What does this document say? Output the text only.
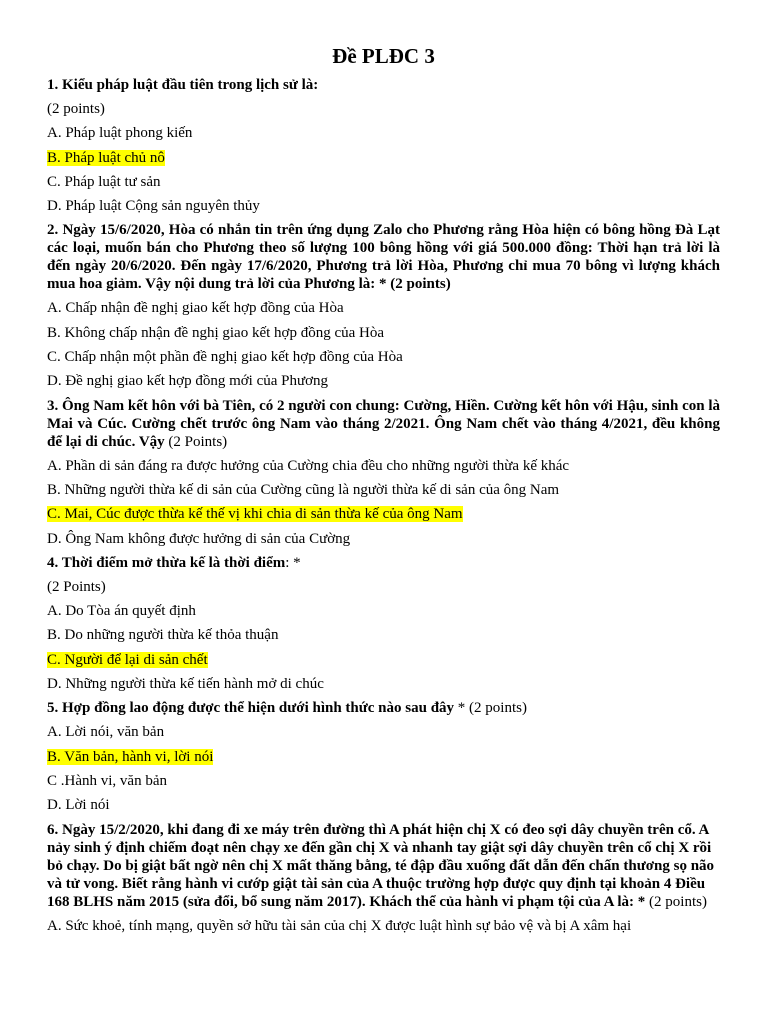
Đề PLĐC 3

1. Kiểu pháp luật đầu tiên trong lịch sử là:

(2 points)

A. Pháp luật phong kiến

B. Pháp luật chủ nô

C. Pháp luật tư sản

D. Pháp luật Cộng sản nguyên thủy

2. Ngày 15/6/2020, Hòa có nhắn tin trên ứng dụng Zalo cho Phương rằng Hòa hiện có bông hồng Đà Lạt các loại, muốn bán cho Phương theo số lượng 100 bông hồng với giá 500.000 đồng: Thời hạn trả lời là đến ngày 20/6/2020. Đến ngày 17/6/2020, Phương trả lời Hòa, Phương chỉ mua 70 bông vì lượng khách mua hoa giảm. Vậy nội dung trả lời của Phương là: * (2 points)

A. Chấp nhận đề nghị giao kết hợp đồng của Hòa

B. Không chấp nhận đề nghị giao kết hợp đồng của Hòa

C. Chấp nhận một phần đề nghị giao kết hợp đồng của Hòa

D. Đề nghị giao kết hợp đồng mới của Phương

3. Ông Nam kết hôn với bà Tiên, có 2 người con chung: Cường, Hiền. Cường kết hôn với Hậu, sinh con là Mai và Cúc. Cường chết trước ông Nam vào tháng 2/2021. Ông Nam chết vào tháng 4/2021, đều không để lại di chúc. Vậy (2 Points)

A. Phần di sản đáng ra được hưởng của Cường chia đều cho những người thừa kế khác

B. Những người thừa kế di sản của Cường cũng là người thừa kế di sản của ông Nam

C. Mai, Cúc được thừa kế thế vị khi chia di sản thừa kế của ông Nam

D. Ông Nam không được hưởng di sản của Cường

4. Thời điểm mở thừa kế là thời điểm: *

(2 Points)

A. Do Tòa án quyết định

B. Do những người thừa kế thỏa thuận

C. Người để lại di sản chết

D. Những người thừa kế tiến hành mở di chúc

5. Hợp đồng lao động được thể hiện dưới hình thức nào sau đây * (2 points)

A. Lời nói, văn bản

B. Văn bản, hành vi, lời nói

C .Hành vi, văn bản

D. Lời nói

6. Ngày 15/2/2020, khi đang đi xe máy trên đường thì A phát hiện chị X có đeo sợi dây chuyền trên cổ. A nảy sinh ý định chiếm đoạt nên chạy xe đến gần chị X và nhanh tay giật sợi dây chuyền trên cổ chị X rồi bỏ chạy. Do bị giật bất ngờ nên chị X mất thăng bằng, té đập đầu xuống đất dẫn đến chấn thương sọ não và tử vong. Biết rằng hành vi cướp giật tài sản của A thuộc trường hợp được quy định tại khoản 4 Điều 168 BLHS năm 2015 (sửa đổi, bổ sung năm 2017). Khách thể của hành vi phạm tội của A là: * (2 points)

A. Sức khoẻ, tính mạng, quyền sở hữu tài sản của chị X được luật hình sự bảo vệ và bị A xâm hại
